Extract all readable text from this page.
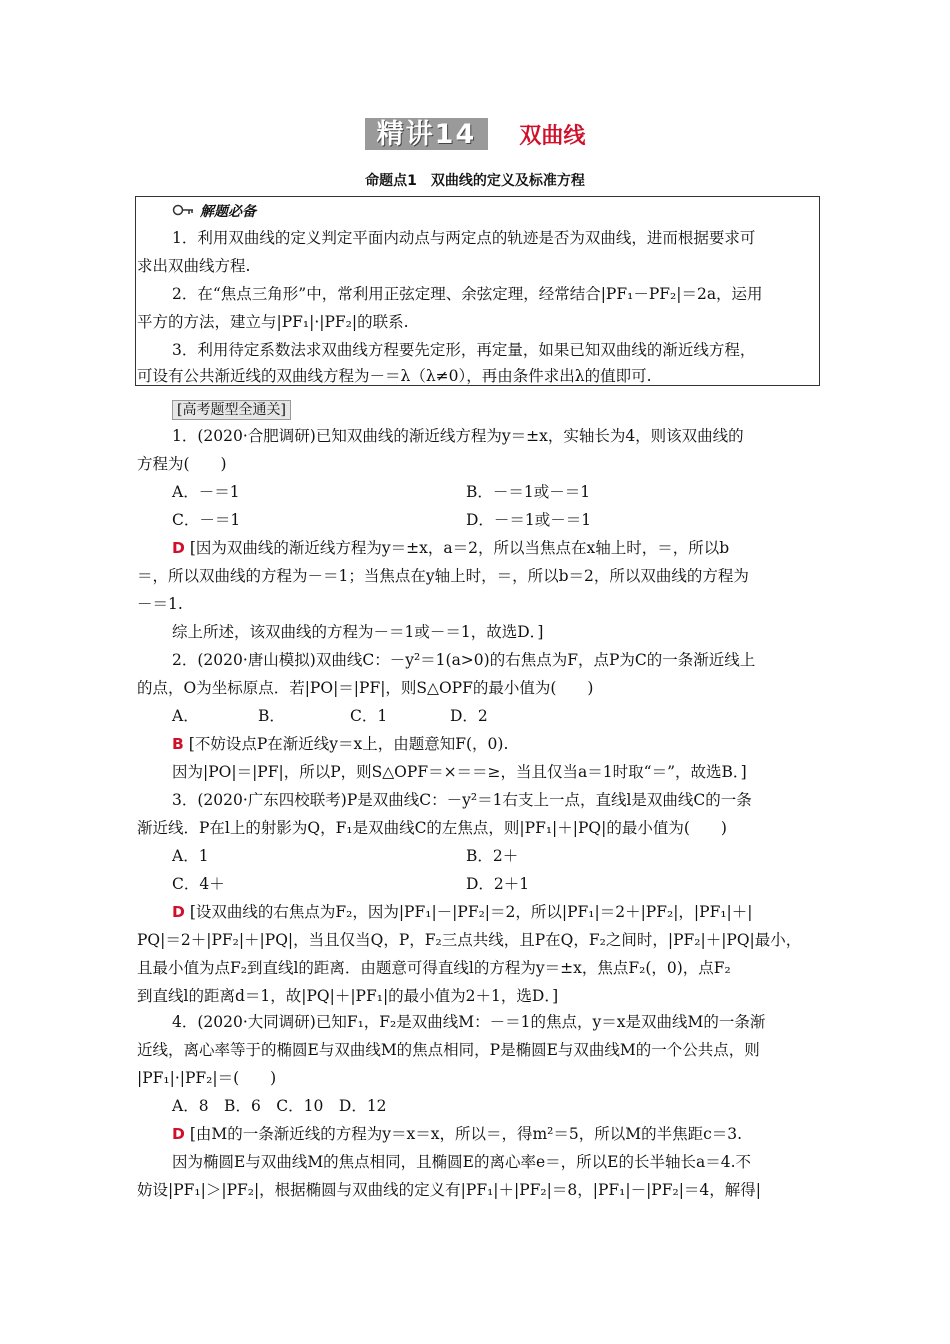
精讲14 双曲线
命题点1　双曲线的定义及标准方程
解题必备
1．利用双曲线的定义判定平面内动点与两定点的轨迹是否为双曲线，进而根据要求可
求出双曲线方程.
2．在“焦点三角形”中，常利用正弦定理、余弦定理，经常结合|PF₁－PF₂|＝2a，运用
平方的方法，建立与|PF₁|·|PF₂|的联系.
3．利用待定系数法求双曲线方程要先定形，再定量，如果已知双曲线的渐近线方程，
可设有公共渐近线的双曲线方程为－＝λ（λ≠0），再由条件求出λ的值即可.
[高考题型全通关]
1．(2020·合肥调研)已知双曲线的渐近线方程为y＝±x，实轴长为4，则该双曲线的
方程为(　　)
A．－＝1	B．－＝1或－＝1
C．－＝1	D．－＝1或－＝1
D [因为双曲线的渐近线方程为y＝±x，a＝2，所以当焦点在x轴上时，＝，所以b
＝，所以双曲线的方程为－＝1；当焦点在y轴上时，＝，所以b＝2，所以双曲线的方程为
－＝1.
综上所述，该双曲线的方程为－＝1或－＝1，故选D．]
2．(2020·唐山模拟)双曲线C：－y²＝1(a>0)的右焦点为F，点P为C的一条渐近线上
的点，O为坐标原点．若|PO|＝|PF|，则S△OPF的最小值为(　　)
A．	B．	C．1	D．2
B [不妨设点P在渐近线y＝x上，由题意知F(，0).
因为|PO|＝|PF|，所以P，则S△OPF＝×＝＝≥，当且仅当a＝1时取“＝”，故选B．]
3．(2020·广东四校联考)P是双曲线C：－y²＝1右支上一点，直线l是双曲线C的一条
渐近线．P在l上的射影为Q，F₁是双曲线C的左焦点，则|PF₁|＋|PQ|的最小值为(　　)
A．1	B．2＋
C．4＋	D．2＋1
D [设双曲线的右焦点为F₂，因为|PF₁|－|PF₂|＝2，所以|PF₁|＝2＋|PF₂|，|PF₁|＋|
PQ|＝2＋|PF₂|＋|PQ|，当且仅当Q，P，F₂三点共线，且P在Q，F₂之间时，|PF₂|＋|PQ|最小，
且最小值为点F₂到直线l的距离．由题意可得直线l的方程为y＝±x，焦点F₂(，0)，点F₂
到直线l的距离d＝1，故|PQ|＋|PF₁|的最小值为2＋1，选D．]
4．(2020·大同调研)已知F₁，F₂是双曲线M：－＝1的焦点，y＝x是双曲线M的一条渐
近线，离心率等于的椭圆E与双曲线M的焦点相同，P是椭圆E与双曲线M的一个公共点，则
|PF₁|·|PF₂|＝(　　)
A．8　B．6　C．10　D．12
D [由M的一条渐近线的方程为y＝x＝x，所以＝，得m²＝5，所以M的半焦距c＝3.
因为椭圆E与双曲线M的焦点相同，且椭圆E的离心率e＝，所以E的长半轴长a＝4.不
妨设|PF₁|＞|PF₂|，根据椭圆与双曲线的定义有|PF₁|＋|PF₂|＝8，|PF₁|－|PF₂|＝4，解得|
